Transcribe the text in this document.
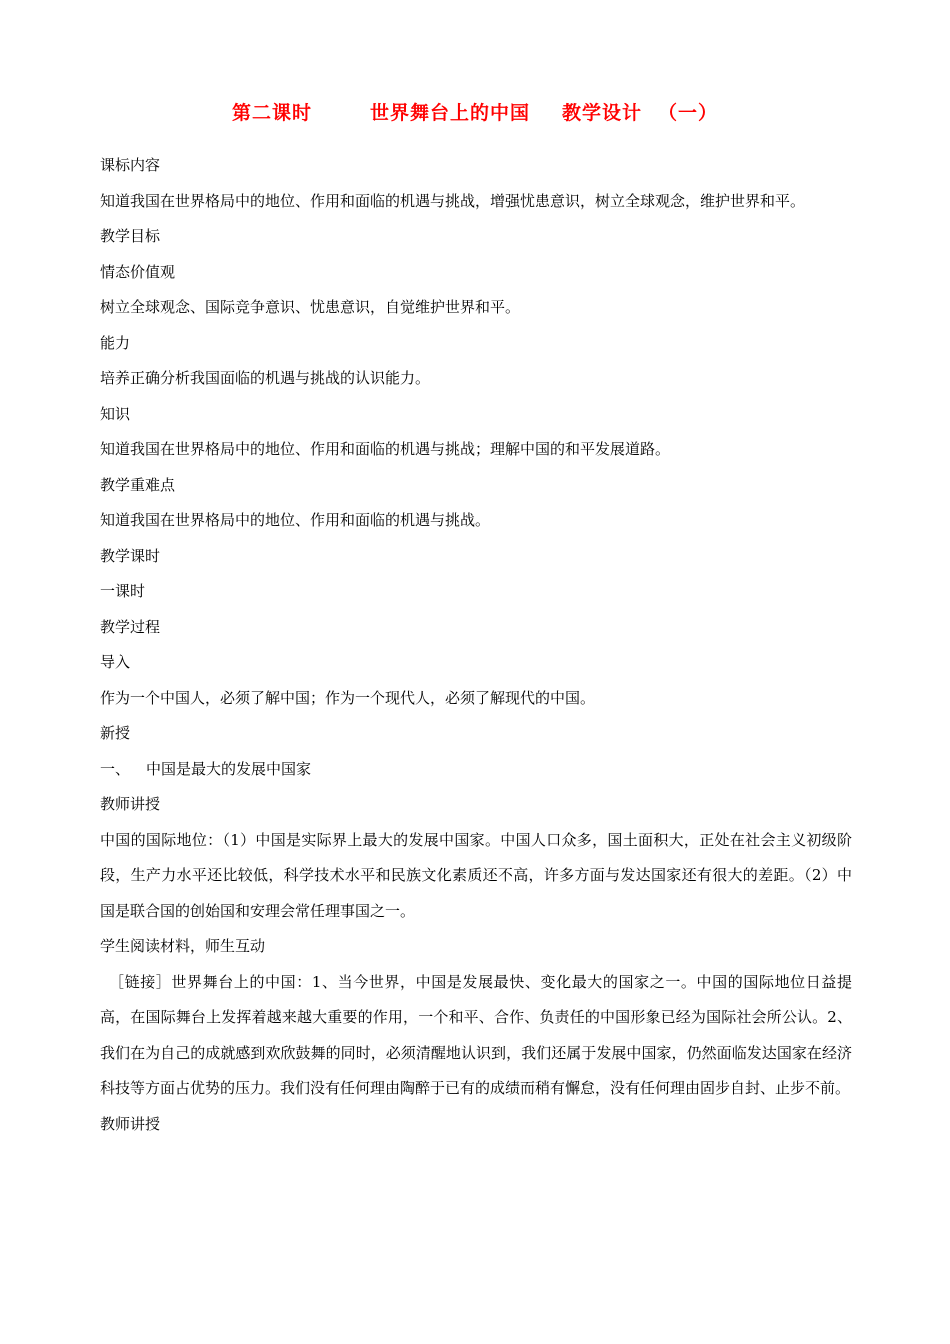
第二课时	世界舞台上的中国 教学设计 （一）
课标内容
知道我国在世界格局中的地位、作用和面临的机遇与挑战，增强忧患意识，树立全球观念，维护世界和平。
教学目标
情态价值观
树立全球观念、国际竞争意识、忧患意识，自觉维护世界和平。
能力
培养正确分析我国面临的机遇与挑战的认识能力。
知识
知道我国在世界格局中的地位、作用和面临的机遇与挑战；理解中国的和平发展道路。
教学重难点
知道我国在世界格局中的地位、作用和面临的机遇与挑战。
教学课时
一课时
教学过程
导入
作为一个中国人，必须了解中国；作为一个现代人，必须了解现代的中国。
新授
一、 中国是最大的发展中国家
教师讲授
中国的国际地位：（1）中国是实际界上最大的发展中国家。中国人口众多，国土面积大，正处在社会主义初级阶段，生产力水平还比较低，科学技术水平和民族文化素质还不高，许多方面与发达国家还有很大的差距。（2）中国是联合国的创始国和安理会常任理事国之一。
学生阅读材料，师生互动
［链接］世界舞台上的中国：1、当今世界，中国是发展最快、变化最大的国家之一。中国的国际地位日益提高，在国际舞台上发挥着越来越大重要的作用，一个和平、合作、负责任的中国形象已经为国际社会所公认。2、我们在为自己的成就感到欢欣鼓舞的同时，必须清醒地认识到，我们还属于发展中国家，仍然面临发达国家在经济科技等方面占优势的压力。我们没有任何理由陶醉于已有的成绩而稍有懈怠，没有任何理由固步自封、止步不前。
教师讲授
